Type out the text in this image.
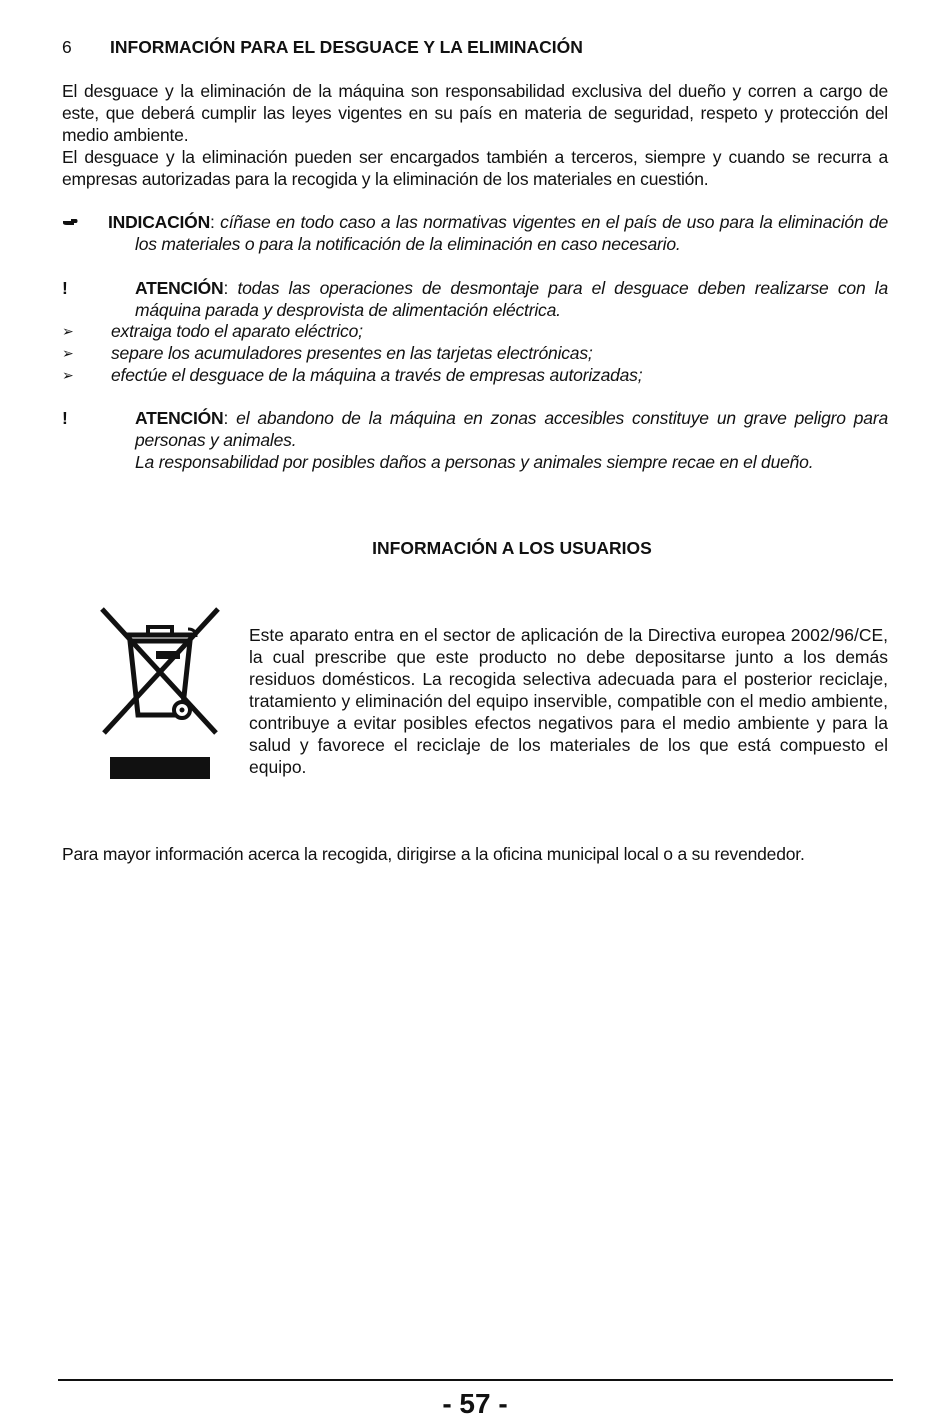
6 INFORMACIÓN PARA EL DESGUACE Y LA ELIMINACIÓN
El desguace y la eliminación de la máquina son responsabilidad exclusiva del dueño y corren a cargo de este, que deberá cumplir las leyes vigentes en su país en materia de seguridad, respeto y protección del medio ambiente.
El desguace y la eliminación pueden ser encargados también a terceros, siempre y cuando se recurra a empresas autorizadas para la recogida y la eliminación de los materiales en cuestión.
INDICACIÓN: cíñase en todo caso a las normativas vigentes en el país de uso para la eliminación de los materiales o para la notificación de la eliminación en caso necesario.
!	ATENCIÓN: todas las operaciones de desmontaje para el desguace deben realizarse con la máquina parada y desprovista de alimentación eléctrica.
➢ extraiga todo el aparato eléctrico;
➢ separe los acumuladores presentes en las tarjetas electrónicas;
➢ efectúe el desguace de la máquina a través de empresas autorizadas;
!	ATENCIÓN: el abandono de la máquina en zonas accesibles constituye un grave peligro para personas y animales.
La responsabilidad por posibles daños a personas y animales siempre recae en el dueño.
INFORMACIÓN A LOS USUARIOS
Este aparato entra en el sector de aplicación de la Directiva europea 2002/96/CE, la cual prescribe que este producto no debe depositarse junto a los demás residuos domésticos. La recogida selectiva adecuada para el posterior reciclaje, tratamiento y eliminación del equipo inservible, compatible con el medio ambiente, contribuye a evitar posibles efectos negativos para el medio ambiente y para la salud y favorece el reciclaje de los materiales de los que está compuesto el equipo.
Para mayor información acerca la recogida, dirigirse a la oficina municipal local o a su revendedor.
- 57 -
